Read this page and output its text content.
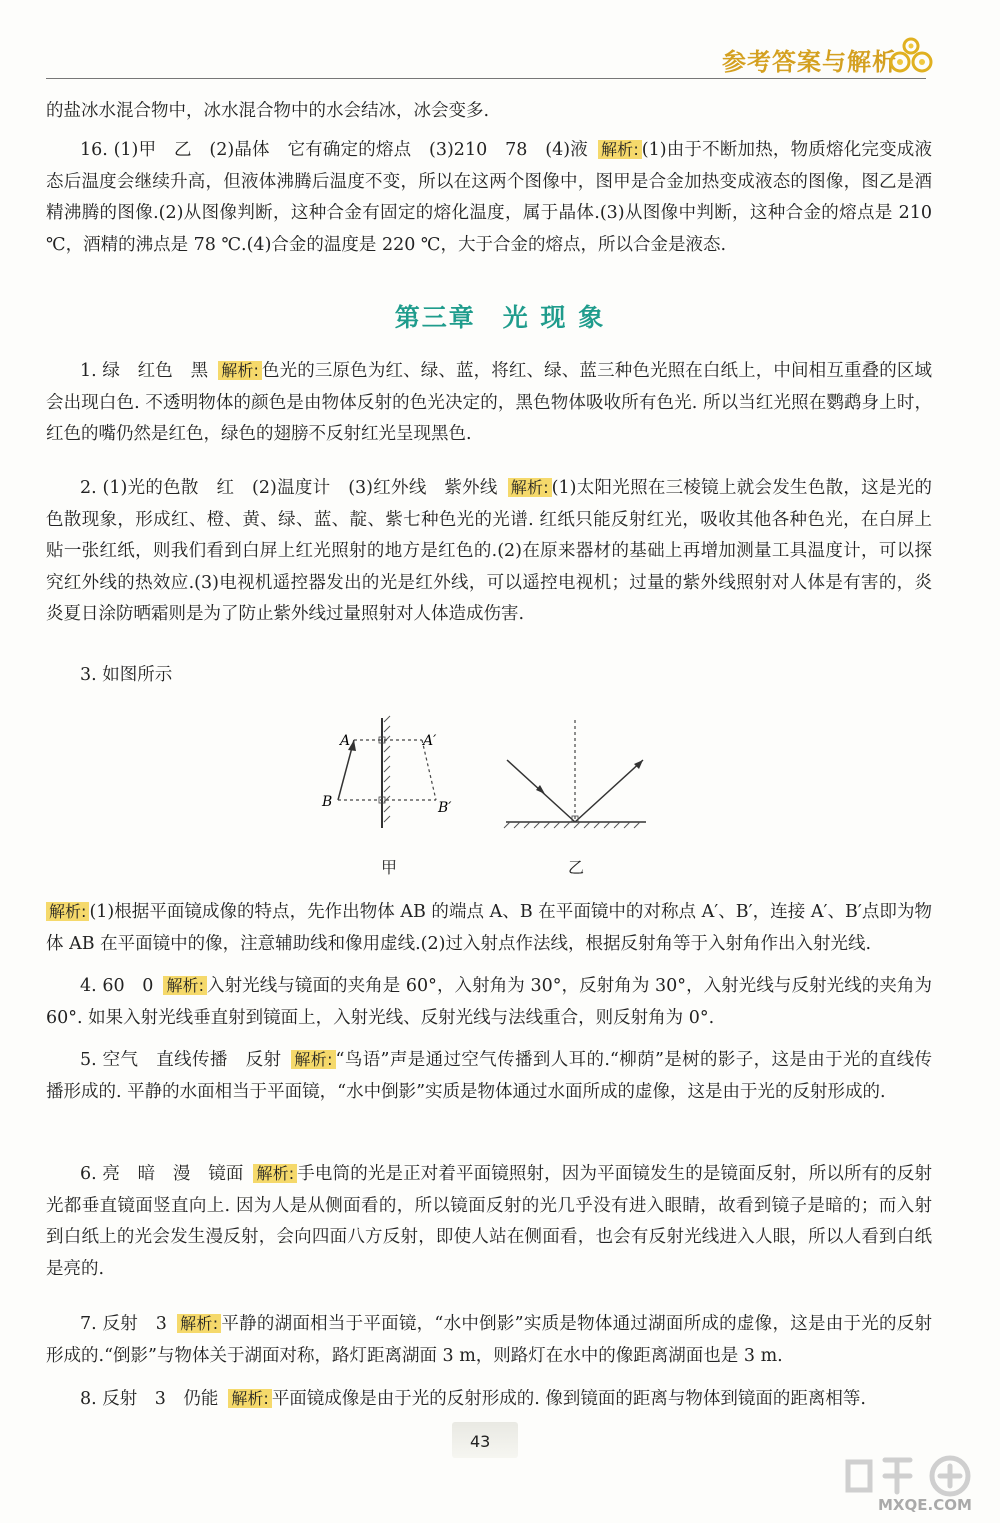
参考答案与解析
的盐冰水混合物中，冰水混合物中的水会结冰，冰会变多.
16. (1)甲　乙　(2)晶体　它有确定的熔点　(3)210　78　(4)液 解析: (1)由于不断加热，物质熔化完变成液态后温度会继续升高，但液体沸腾后温度不变，所以在这两个图像中，图甲是合金加热变成液态的图像，图乙是酒精沸腾的图像.(2)从图像判断，这种合金有固定的熔化温度，属于晶体.(3)从图像中判断，这种合金的熔点是 210 ℃，酒精的沸点是 78 ℃.(4)合金的温度是 220 ℃，大于合金的熔点，所以合金是液态.
第三章　光 现 象
1. 绿　红色　黑 解析: 色光的三原色为红、绿、蓝，将红、绿、蓝三种色光照在白纸上，中间相互重叠的区域会出现白色. 不透明物体的颜色是由物体反射的色光决定的，黑色物体吸收所有色光. 所以当红光照在鹦鹉身上时，红色的嘴仍然是红色，绿色的翅膀不反射红光呈现黑色.
2. (1)光的色散　红　(2)温度计　(3)红外线　紫外线 解析: (1)太阳光照在三棱镜上就会发生色散，这是光的色散现象，形成红、橙、黄、绿、蓝、靛、紫七种色光的光谱. 红纸只能反射红光，吸收其他各种色光，在白屏上贴一张红纸，则我们看到白屏上红光照射的地方是红色的.(2)在原来器材的基础上再增加测量工具温度计，可以探究红外线的热效应.(3)电视机遥控器发出的光是红外线，可以遥控电视机；过量的紫外线照射对人体是有害的，炎炎夏日涂防晒霜则是为了防止紫外线过量照射对人体造成伤害.
3. 如图所示
A	A′
B	B′
甲	乙
解析: (1)根据平面镜成像的特点，先作出物体 AB 的端点 A、B 在平面镜中的对称点 A′、B′，连接 A′、B′点即为物体 AB 在平面镜中的像，注意辅助线和像用虚线.(2)过入射点作法线，根据反射角等于入射角作出入射光线.
4. 60　0 解析: 入射光线与镜面的夹角是 60°，入射角为 30°，反射角为 30°，入射光线与反射光线的夹角为 60°. 如果入射光线垂直射到镜面上，入射光线、反射光线与法线重合，则反射角为 0°.
5. 空气　直线传播　反射 解析: “鸟语”声是通过空气传播到人耳的.“柳荫”是树的影子，这是由于光的直线传播形成的. 平静的水面相当于平面镜，“水中倒影”实质是物体通过水面所成的虚像，这是由于光的反射形成的.
6. 亮　暗　漫　镜面 解析: 手电筒的光是正对着平面镜照射，因为平面镜发生的是镜面反射，所以所有的反射光都垂直镜面竖直向上. 因为人是从侧面看的，所以镜面反射的光几乎没有进入眼睛，故看到镜子是暗的；而入射到白纸上的光会发生漫反射，会向四面八方反射，即使人站在侧面看，也会有反射光线进入人眼，所以人看到白纸是亮的.
7. 反射　3 解析: 平静的湖面相当于平面镜，“水中倒影”实质是物体通过湖面所成的虚像，这是由于光的反射形成的.“倒影”与物体关于湖面对称，路灯距离湖面 3 m，则路灯在水中的像距离湖面也是 3 m.
8. 反射　3　仍能 解析: 平面镜成像是由于光的反射形成的. 像到镜面的距离与物体到镜面的距离相等.
43
MXQE.COM
